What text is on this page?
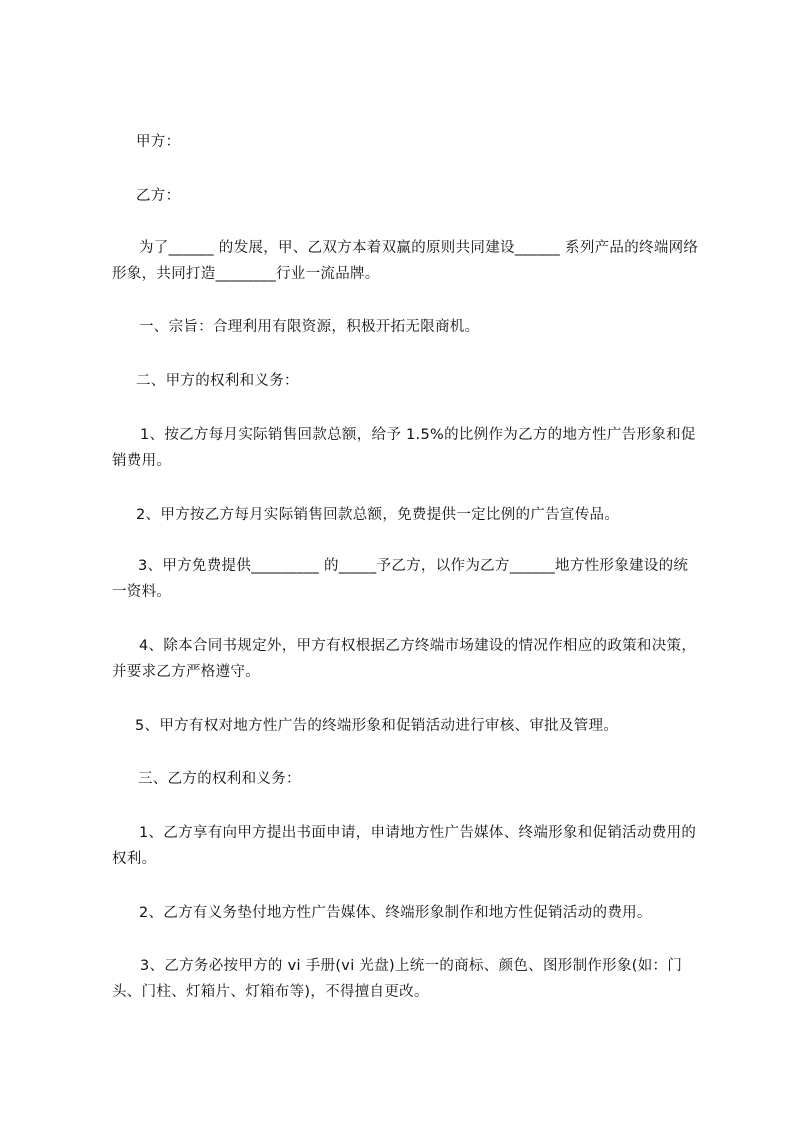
甲方：

乙方：

为了______ 的发展，甲、乙双方本着双赢的原则共同建设______ 系列产品的终端网络形象，共同打造________行业一流品牌。

一、宗旨：合理利用有限资源，积极开拓无限商机。

二、甲方的权利和义务：

1、按乙方每月实际销售回款总额，给予 1.5%的比例作为乙方的地方性广告形象和促销费用。

2、甲方按乙方每月实际销售回款总额，免费提供一定比例的广告宣传品。

3、甲方免费提供_________ 的_____予乙方，以作为乙方______地方性形象建设的统一资料。

4、除本合同书规定外，甲方有权根据乙方终端市场建设的情况作相应的政策和决策，并要求乙方严格遵守。

5、甲方有权对地方性广告的终端形象和促销活动进行审核、审批及管理。

三、乙方的权利和义务：

1、乙方享有向甲方提出书面申请，申请地方性广告媒体、终端形象和促销活动费用的权利。

2、乙方有义务垫付地方性广告媒体、终端形象制作和地方性促销活动的费用。

3、乙方务必按甲方的 vi 手册(vi 光盘)上统一的商标、颜色、图形制作形象(如：门头、门柱、灯箱片、灯箱布等)，不得擅自更改。
